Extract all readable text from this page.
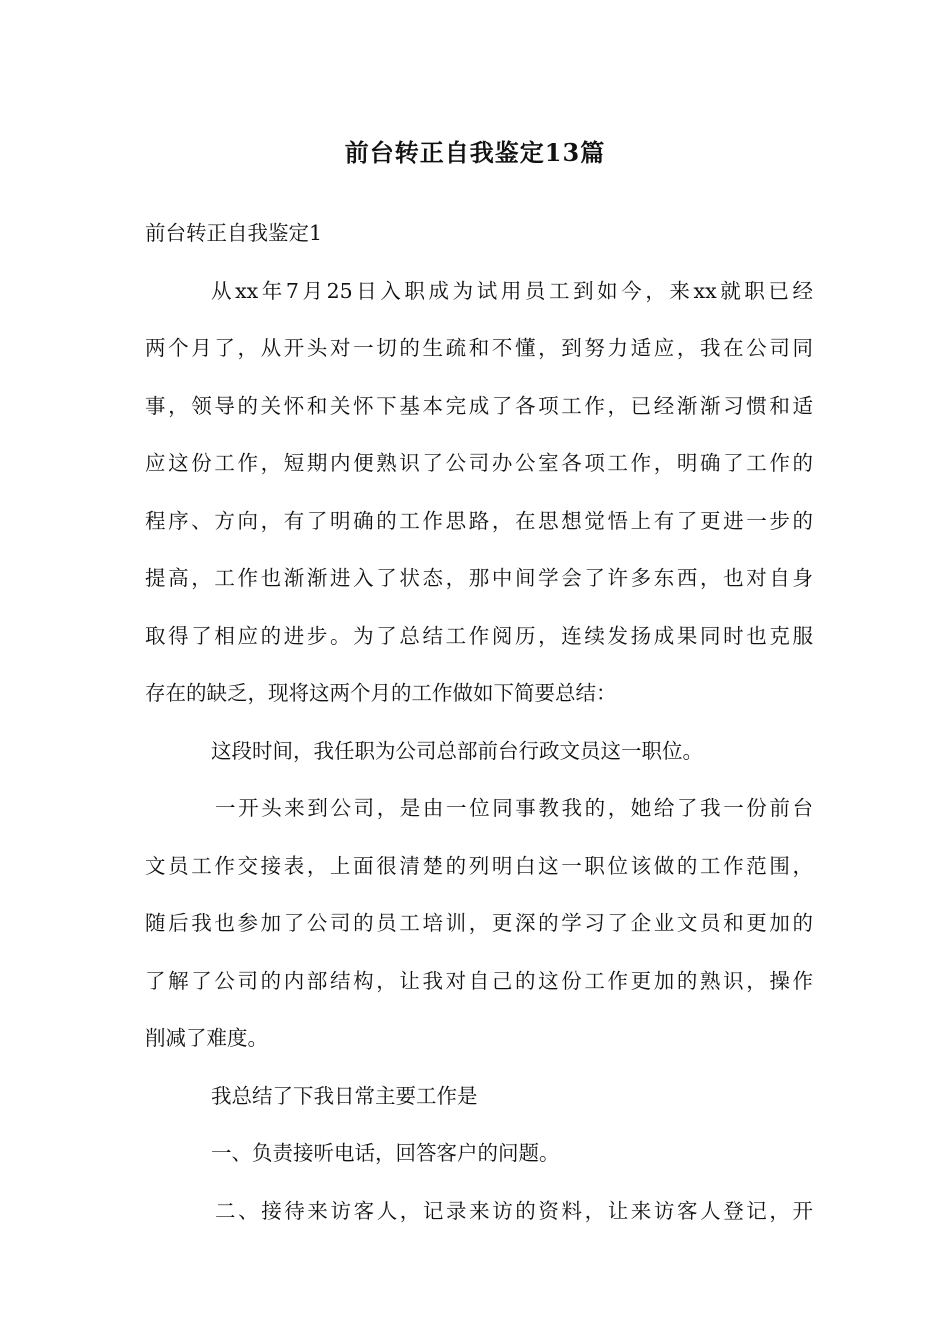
前台转正自我鉴定13篇

前台转正自我鉴定1

从xx年7月25日入职成为试用员工到如今，来xx就职已经
两个月了，从开头对一切的生疏和不懂，到努力适应，我在公司同
事，领导的关怀和关怀下基本完成了各项工作，已经渐渐习惯和适
应这份工作，短期内便熟识了公司办公室各项工作，明确了工作的
程序、方向，有了明确的工作思路，在思想觉悟上有了更进一步的
提高，工作也渐渐进入了状态，那中间学会了许多东西，也对自身
取得了相应的进步。为了总结工作阅历，连续发扬成果同时也克服
存在的缺乏，现将这两个月的工作做如下简要总结：

这段时间，我任职为公司总部前台行政文员这一职位。

一开头来到公司，是由一位同事教我的，她给了我一份前台
文员工作交接表，上面很清楚的列明白这一职位该做的工作范围，
随后我也参加了公司的员工培训，更深的学习了企业文员和更加的
了解了公司的内部结构，让我对自己的这份工作更加的熟识，操作
削减了难度。

我总结了下我日常主要工作是

一、负责接听电话，回答客户的问题。

二、接待来访客人，记录来访的资料，让来访客人登记，开
